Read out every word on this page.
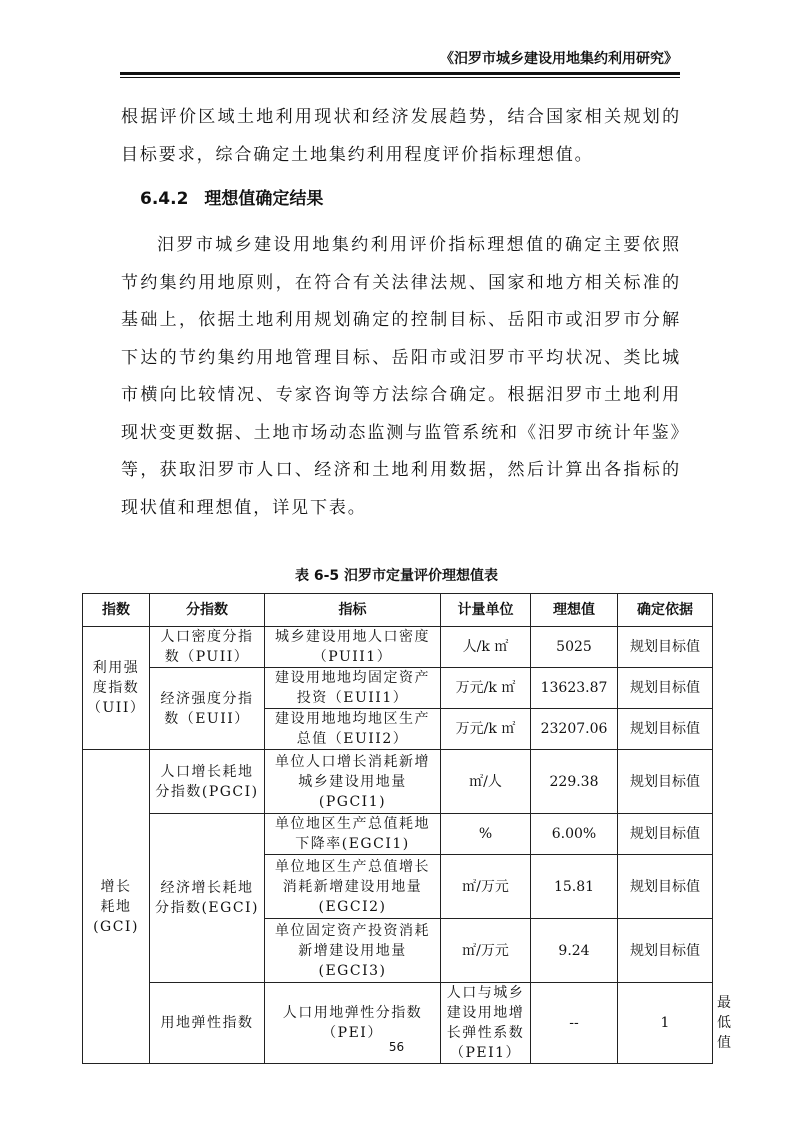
《汨罗市城乡建设用地集约利用研究》
根据评价区域土地利用现状和经济发展趋势，结合国家相关规划的目标要求，综合确定土地集约利用程度评价指标理想值。
6.4.2 理想值确定结果
汨罗市城乡建设用地集约利用评价指标理想值的确定主要依照节约集约用地原则，在符合有关法律法规、国家和地方相关标准的基础上，依据土地利用规划确定的控制目标、岳阳市或汨罗市分解下达的节约集约用地管理目标、岳阳市或汨罗市平均状况、类比城市横向比较情况、专家咨询等方法综合确定。根据汨罗市土地利用现状变更数据、土地市场动态监测与监管系统和《汨罗市统计年鉴》等，获取汨罗市人口、经济和土地利用数据，然后计算出各指标的现状值和理想值，详见下表。
表 6-5 汨罗市定量评价理想值表
指数	分指数	指标	计量单位	理想值	确定依据	
利用强度指数（UII）	人口密度分指数（PUII）	城乡建设用地人口密度（PUII1）	人/k ㎡	5025	规划目标值	
	经济强度分指数（EUII）	建设用地地均固定资产投资（EUII1）	万元/k ㎡	13623.87	规划目标值	
		建设用地地均地区生产总值（EUII2）	万元/k ㎡	23207.06	规划目标值	
增长耗地(GCI)	人口增长耗地分指数(PGCI)	单位人口增长消耗新增城乡建设用地量(PGCI1)	㎡/人	229.38	规划目标值	
	经济增长耗地分指数(EGCI)	单位地区生产总值耗地下降率(EGCI1)	%	6.00%	规划目标值	
		单位地区生产总值增长消耗新增建设用地量(EGCI2)	㎡/万元	15.81	规划目标值	
		单位固定资产投资消耗新增建设用地量(EGCI3)	㎡/万元	9.24	规划目标值	
	用地弹性指数	人口用地弹性分指数（PEI）	人口与城乡建设用地增长弹性系数（PEI1）	--	1	最低值
56
